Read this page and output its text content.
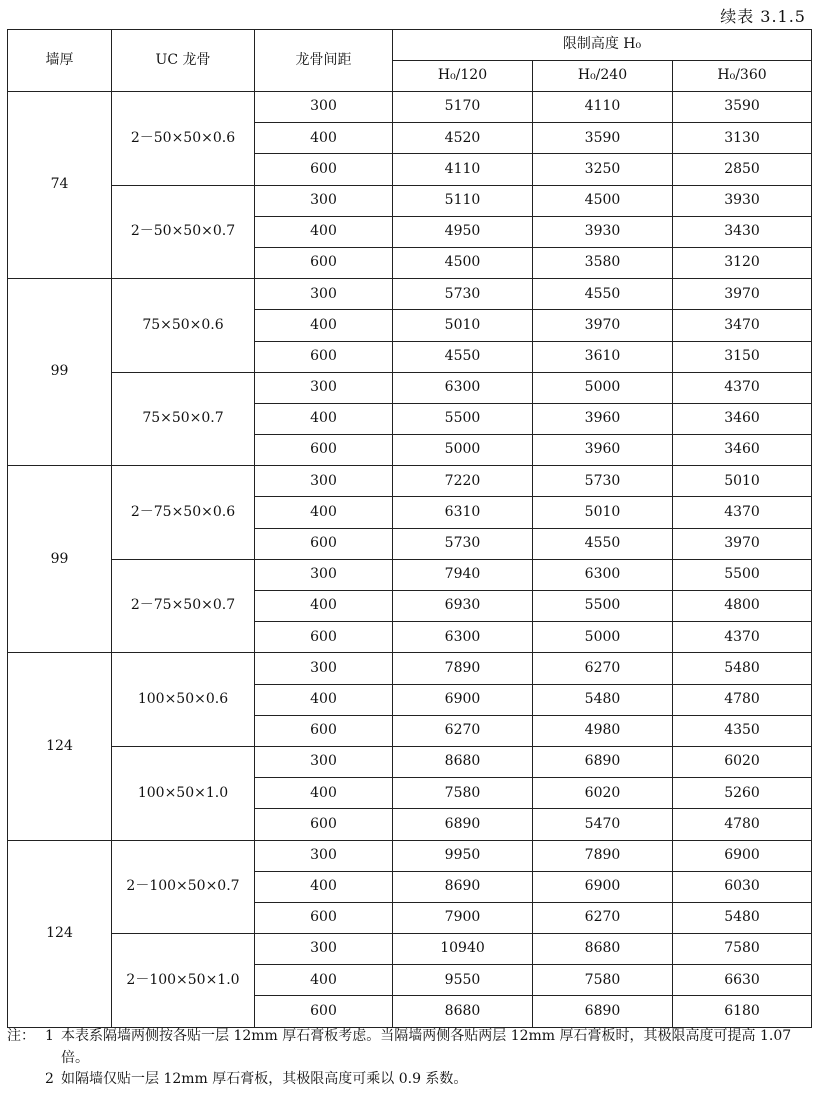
续表 3.1.5
墙厚	UC 龙骨	龙骨间距	限制高度 H₀		
			H₀/120	H₀/240	H₀/360
74	2－50×50×0.6	300	5170	4110	3590
		400	4520	3590	3130
		600	4110	3250	2850
	2－50×50×0.7	300	5110	4500	3930
		400	4950	3930	3430
		600	4500	3580	3120
99	75×50×0.6	300	5730	4550	3970
		400	5010	3970	3470
		600	4550	3610	3150
	75×50×0.7	300	6300	5000	4370
		400	5500	3960	3460
		600	5000	3960	3460
99	2－75×50×0.6	300	7220	5730	5010
		400	6310	5010	4370
		600	5730	4550	3970
	2－75×50×0.7	300	7940	6300	5500
		400	6930	5500	4800
		600	6300	5000	4370
124	100×50×0.6	300	7890	6270	5480
		400	6900	5480	4780
		600	6270	4980	4350
	100×50×1.0	300	8680	6890	6020
		400	7580	6020	5260
		600	6890	5470	4780
124	2－100×50×0.7	300	9950	7890	6900
		400	8690	6900	6030
		600	7900	6270	5480
	2－100×50×1.0	300	10940	8680	7580
		400	9550	7580	6630
		600	8680	6890	6180
注： 1 本表系隔墙两侧按各贴一层 12mm 厚石膏板考虑。当隔墙两侧各贴两层 12mm 厚石膏板时，其极限高度可提高 1.07 倍。
2 如隔墙仅贴一层 12mm 厚石膏板，其极限高度可乘以 0.9 系数。
